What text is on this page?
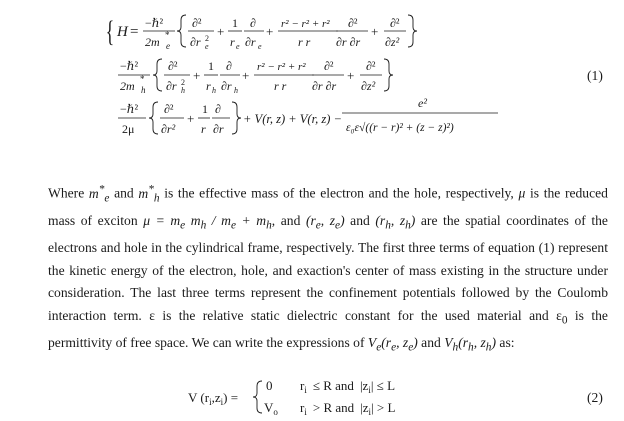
H =
−ℏ²
2m *
e
{	∂²
∂r 2
e
+
1
r e
∂
∂r e
+ r² − r² + r²
r r
∂²
∂r ∂r
+
∂²
∂z²
−ℏ²
2m *
h
∂²
∂r 2
h
+
1
r h
∂
∂r h
+
r² − r² + r²
r r
∂²
∂r ∂r
+
∂²
∂z²
−ℏ²
2μ
∂²
∂r²
+
1
r
∂
∂r
+ V(r, z) + V(r, z) −
e²
ε₀ε√((r − r)² + (z − z)²)
(1)

Where $m^*_e$ and $m^*_h$ is the effective mass of the electron and the hole, respectively, μ is the reduced mass of exciton $\mu = m_e$ $m_h / m_e + m_h$, and ($r_e$, $z_e$) and ($r_h$, $z_h$) are the spatial coordinates of the electrons and hole in the cylindrical frame, respectively. The first three terms of equation (1) represent the kinetic energy of the electron, hole, and exaction's center of mass existing in the structure under consideration. The last three terms represent the confinement potentials followed by the Coulomb interaction term. ε is the relative static dielectric constant for the used material and $\varepsilon_0$ is the permittivity of free space. We can write the expressions of $V_e(r_e$, $z_e$) and $V_h(r_h$, $z_h$) as:

V $(r_i,z_i)$ =
0 $r_i \le R$ and $|z_i| \le L$
$V_o$ $r_i > R$ and $|z_i| > L$
(2)
